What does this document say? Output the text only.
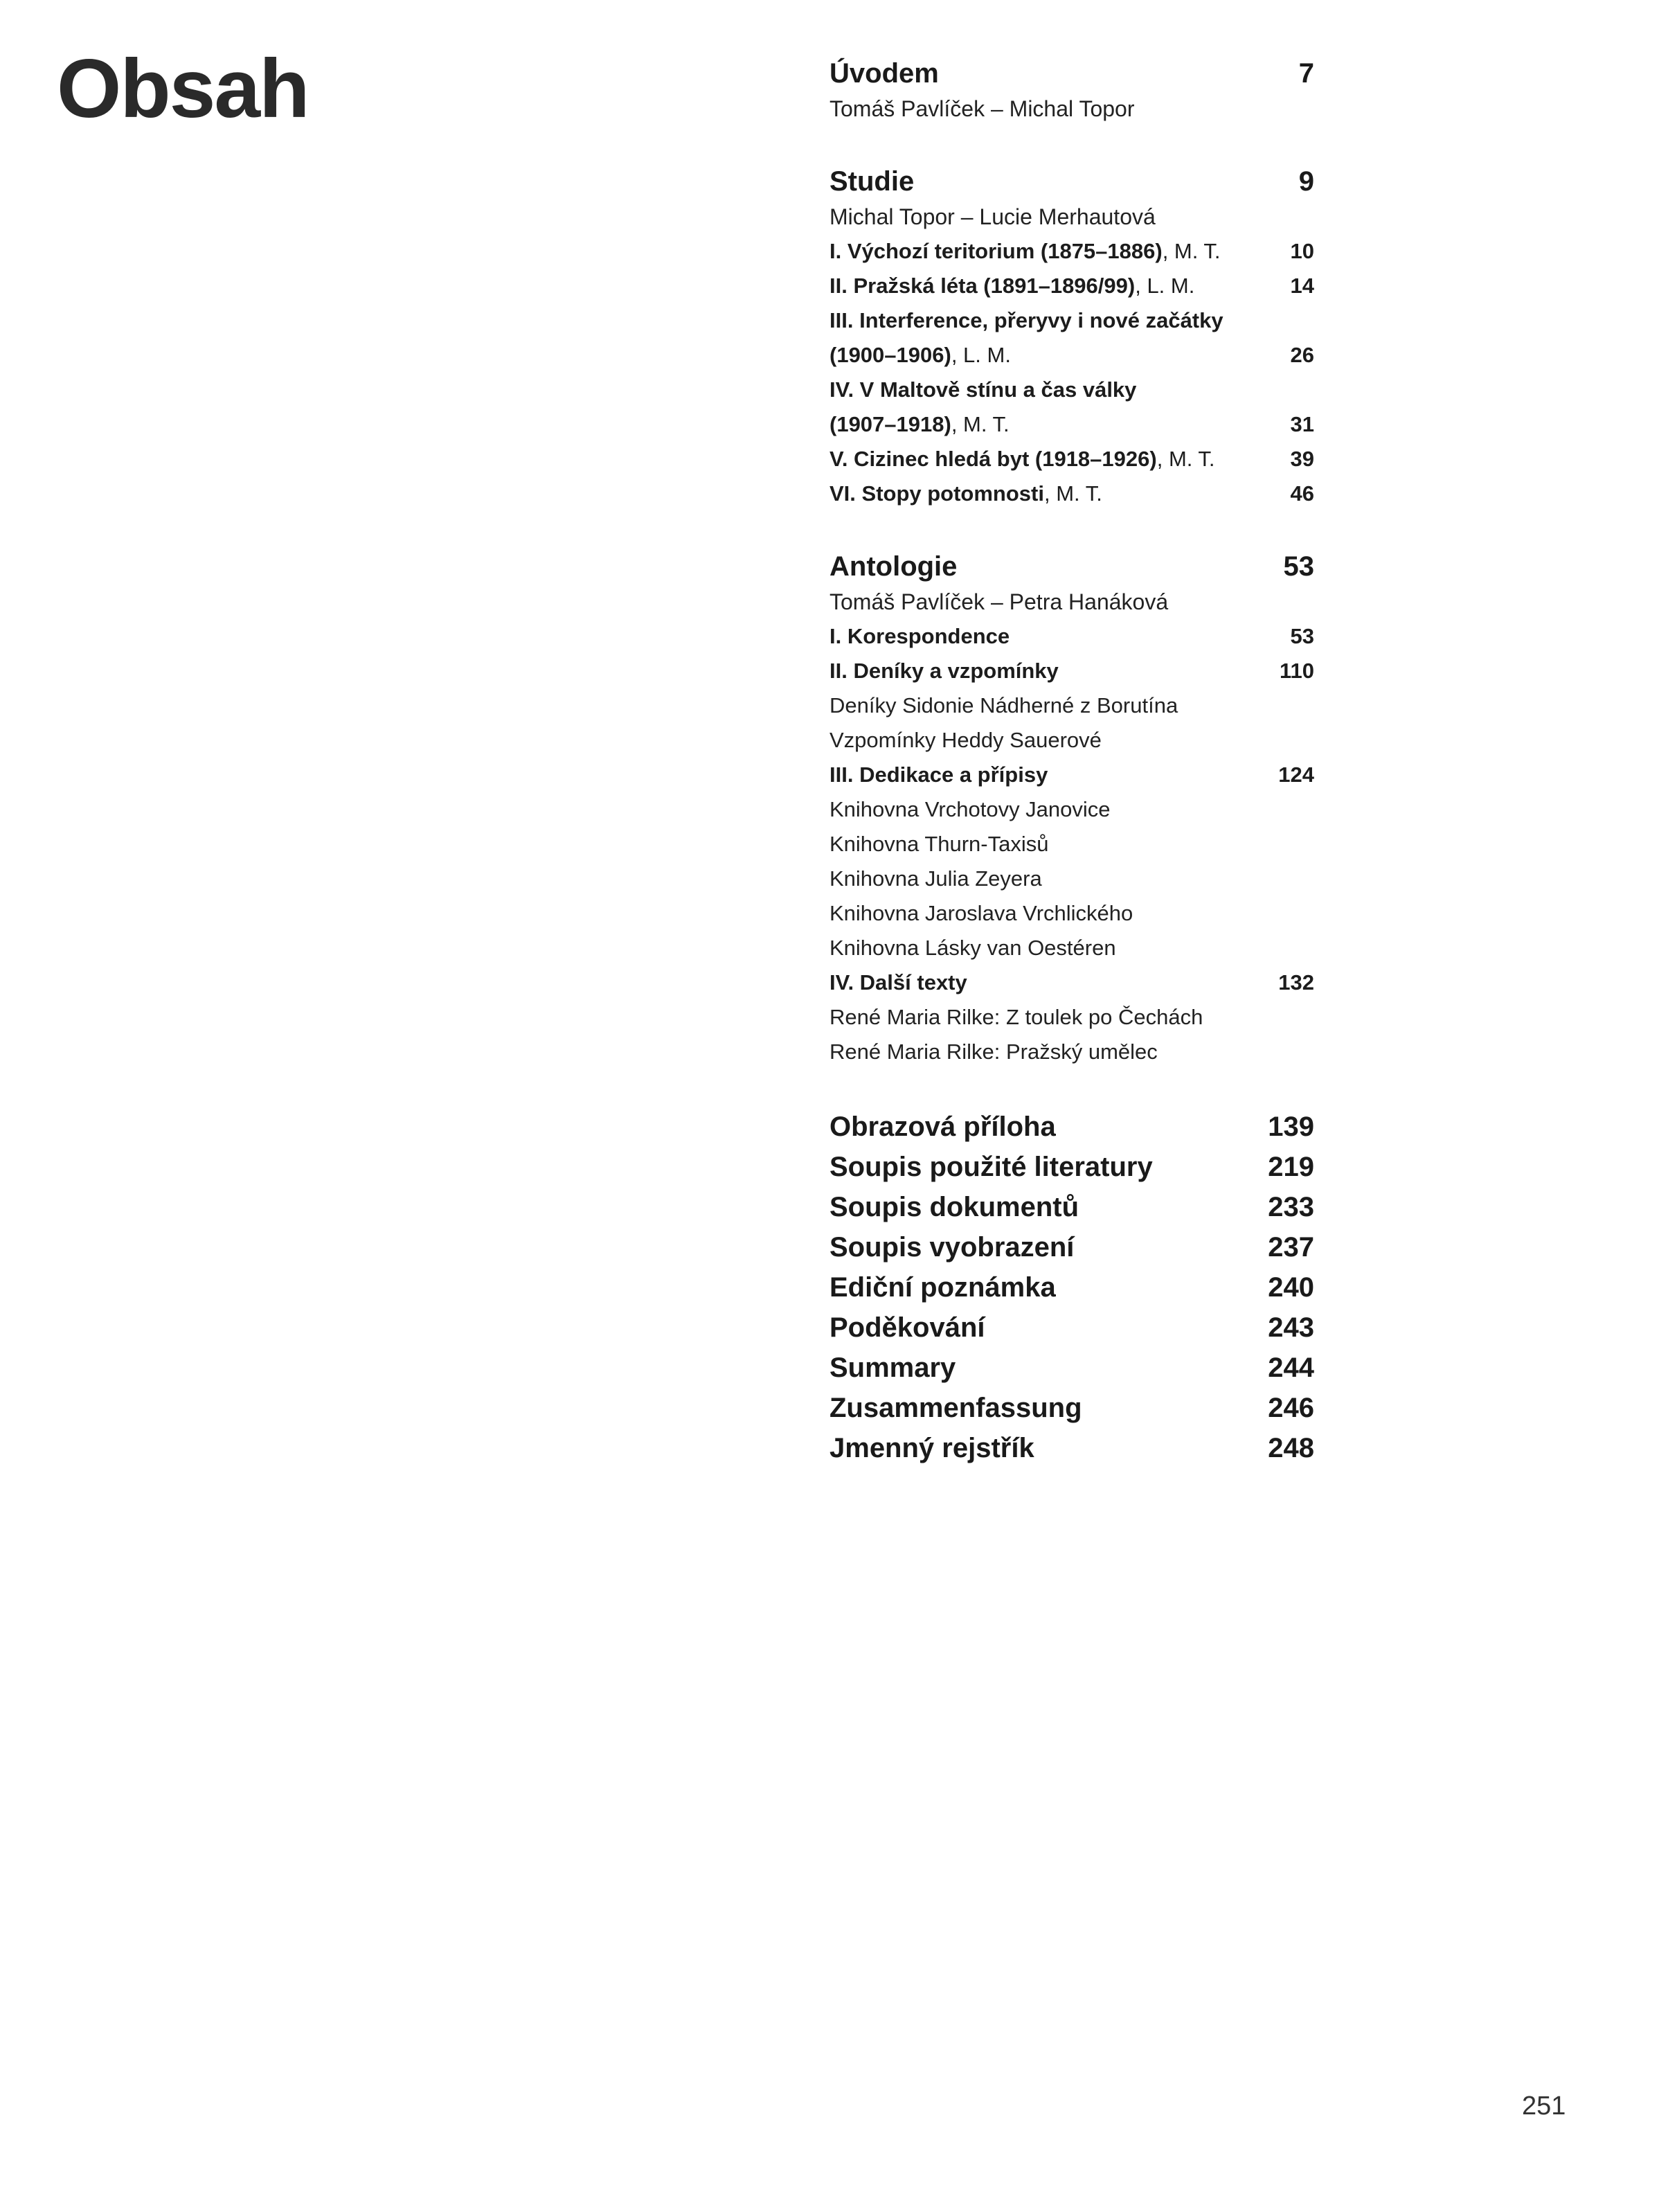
Obsah	Úvodem	7
Tomáš Pavlíček – Michal Topor
Studie	9
Michal Topor – Lucie Merhautová
I. Výchozí teritorium (1875–1886), M. T.	10
II. Pražská léta (1891–1896/99), L. M.	14
III. Interference, přeryvy i nové začátky
(1900–1906), L. M.	26
IV. V Maltově stínu a čas války
(1907–1918), M. T.	31
V. Cizinec hledá byt (1918–1926), M. T.	39
VI. Stopy potomnosti, M. T.	46
Antologie	53
Tomáš Pavlíček – Petra Hanáková
I. Korespondence	53
II. Deníky a vzpomínky	110
Deníky Sidonie Nádherné z Borutína
Vzpomínky Heddy Sauerové
III. Dedikace a přípisy	124
Knihovna Vrchotovy Janovice
Knihovna Thurn-Taxisů
Knihovna Julia Zeyera
Knihovna Jaroslava Vrchlického
Knihovna Lásky van Oestéren
IV. Další texty	132
René Maria Rilke: Z toulek po Čechách
René Maria Rilke: Pražský umělec
Obrazová příloha	139
Soupis použité literatury	219
Soupis dokumentů	233
Soupis vyobrazení	237
Ediční poznámka	240
Poděkování	243
Summary	244
Zusammenfassung	246
Jmenný rejstřík	248
251
